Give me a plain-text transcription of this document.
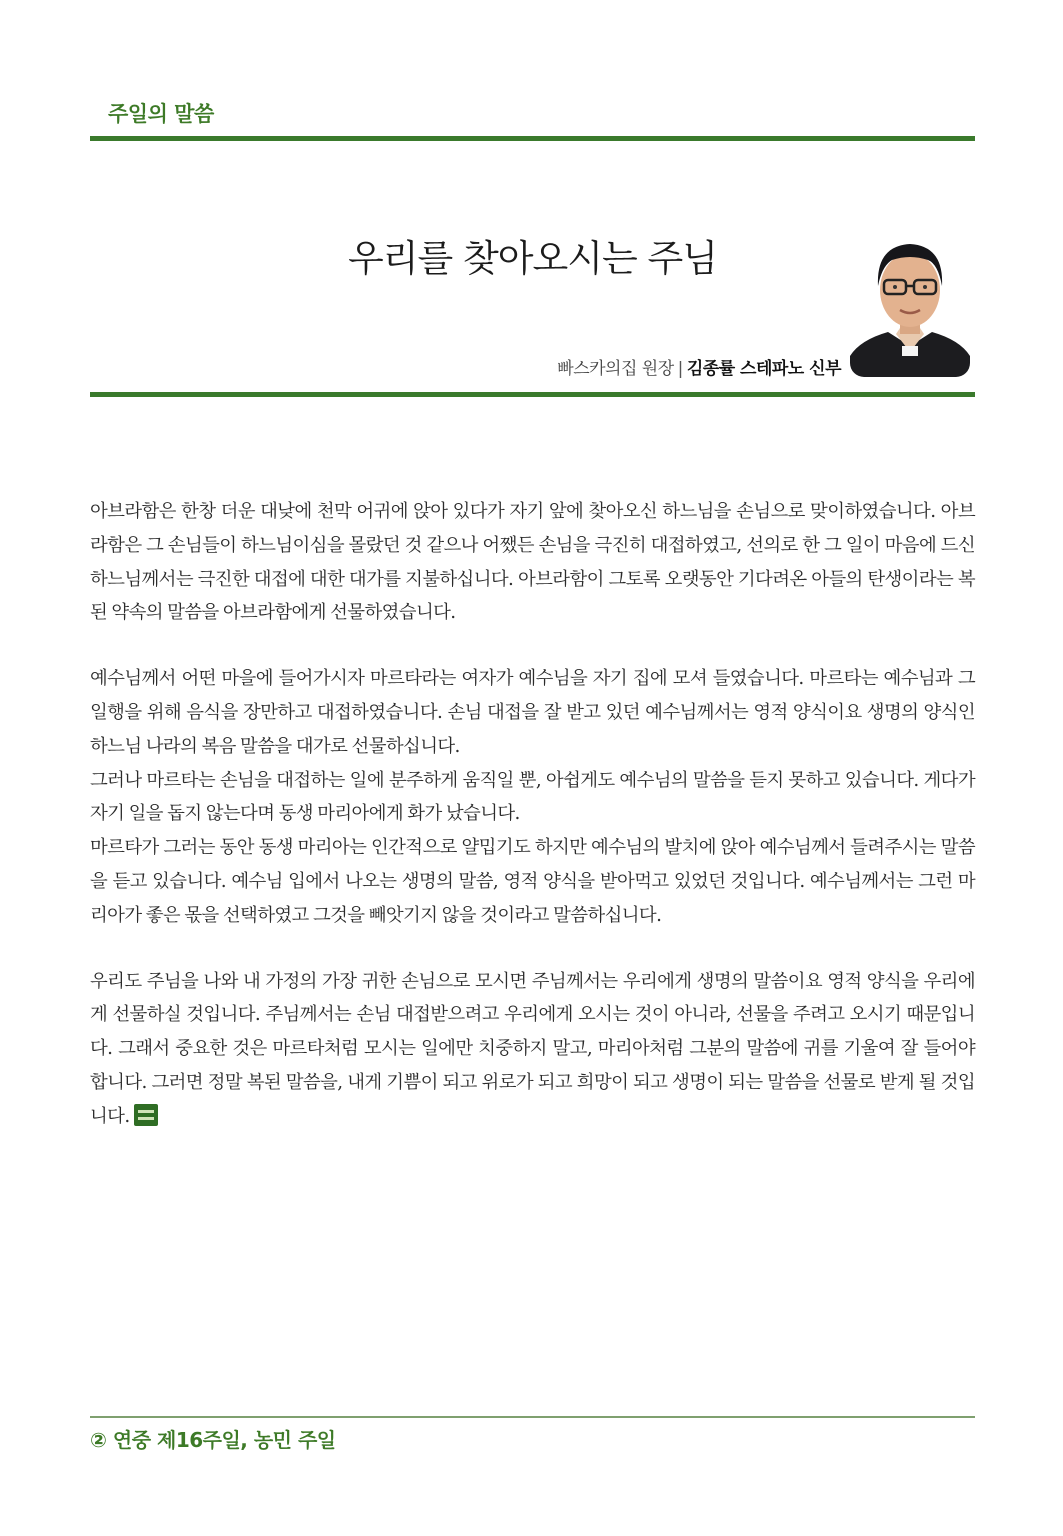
주일의 말씀
우리를 찾아오시는 주님
빠스카의집 원장 | 김종률 스테파노 신부

아브라함은 한창 더운 대낮에 천막 어귀에 앉아 있다가 자기 앞에 찾아오신 하느님을 손님으로 맞이하였습니다. 아브라함은 그 손님들이 하느님이심을 몰랐던 것 같으나 어쨌든 손님을 극진히 대접하였고, 선의로 한 그 일이 마음에 드신 하느님께서는 극진한 대접에 대한 대가를 지불하십니다. 아브라함이 그토록 오랫동안 기다려온 아들의 탄생이라는 복된 약속의 말씀을 아브라함에게 선물하였습니다.

예수님께서 어떤 마을에 들어가시자 마르타라는 여자가 예수님을 자기 집에 모셔 들였습니다. 마르타는 예수님과 그 일행을 위해 음식을 장만하고 대접하였습니다. 손님 대접을 잘 받고 있던 예수님께서는 영적 양식이요 생명의 양식인 하느님 나라의 복음 말씀을 대가로 선물하십니다.

그러나 마르타는 손님을 대접하는 일에 분주하게 움직일 뿐, 아쉽게도 예수님의 말씀을 듣지 못하고 있습니다. 게다가 자기 일을 돕지 않는다며 동생 마리아에게 화가 났습니다.

마르타가 그러는 동안 동생 마리아는 인간적으로 얄밉기도 하지만 예수님의 발치에 앉아 예수님께서 들려주시는 말씀을 듣고 있습니다. 예수님 입에서 나오는 생명의 말씀, 영적 양식을 받아먹고 있었던 것입니다. 예수님께서는 그런 마리아가 좋은 몫을 선택하였고 그것을 빼앗기지 않을 것이라고 말씀하십니다.

우리도 주님을 나와 내 가정의 가장 귀한 손님으로 모시면 주님께서는 우리에게 생명의 말씀이요 영적 양식을 우리에게 선물하실 것입니다. 주님께서는 손님 대접받으려고 우리에게 오시는 것이 아니라, 선물을 주려고 오시기 때문입니다. 그래서 중요한 것은 마르타처럼 모시는 일에만 치중하지 말고, 마리아처럼 그분의 말씀에 귀를 기울여 잘 들어야 합니다. 그러면 정말 복된 말씀을, 내게 기쁨이 되고 위로가 되고 희망이 되고 생명이 되는 말씀을 선물로 받게 될 것입니다.

② 연중 제16주일, 농민 주일
